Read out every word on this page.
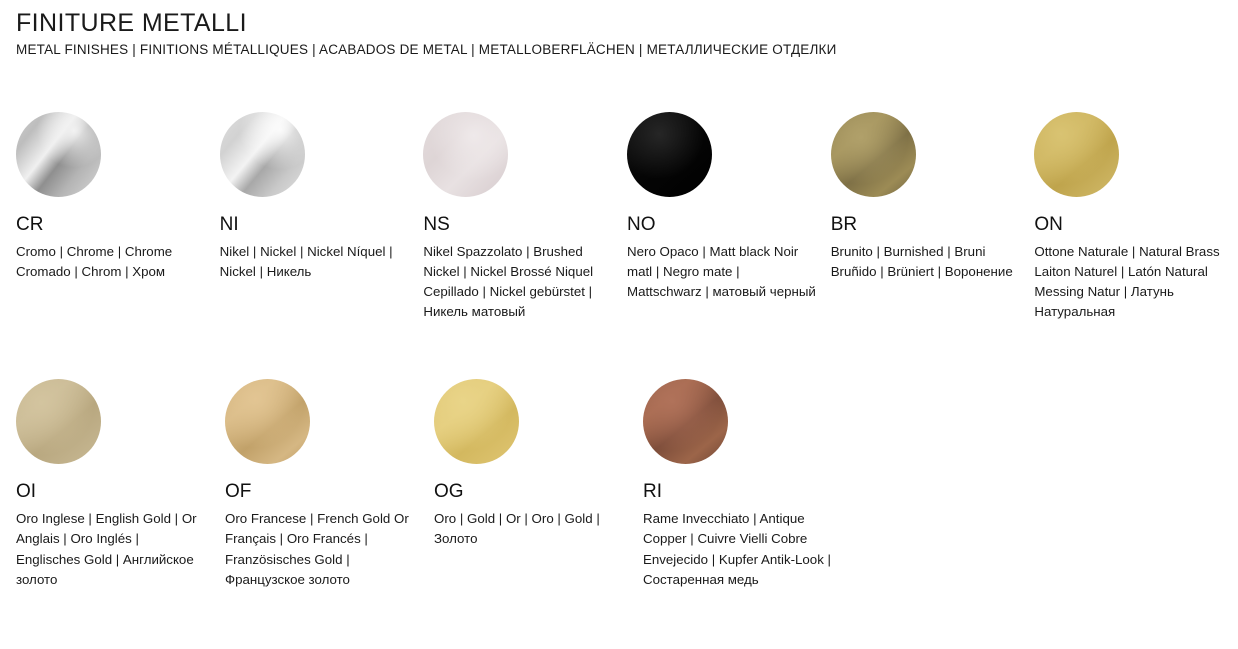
FINITURE METALLI

METAL FINISHES | FINITIONS MÉTALLIQUES | ACABADOS DE METAL | METALLOBERFLÄCHEN | МЕТАЛЛИЧЕСКИЕ ОТДЕЛКИ

CR
Cromo | Chrome | Chrome Cromado | Chrom | Хром
NI
Nikel | Nickel | Nickel Níquel | Nickel | Никель
NS
Nikel Spazzolato | Brushed Nickel | Nickel Brossé Niquel Cepillado | Nickel gebürstet | Никель матовый
NO
Nero Opaco | Matt black Noir matl | Negro mate | Mattschwarz | матовый черный
BR
Brunito | Burnished | Bruni Bruñido | Brüniert | Воронение
ON
Ottone Naturale | Natural Brass Laiton Naturel | Latón Natural Messing Natur | Латунь Натуральная
OI
Oro Inglese | English Gold | Or Anglais | Oro Inglés | Englisches Gold | Английское золото
OF
Oro Francese | French Gold Or Français | Oro Francés | Französisches Gold | Французское золото
OG
Oro | Gold | Or | Oro | Gold | Золото
RI
Rame Invecchiato | Antique Copper | Cuivre Vielli Cobre Envejecido | Kupfer Antik-Look | Состаренная медь
